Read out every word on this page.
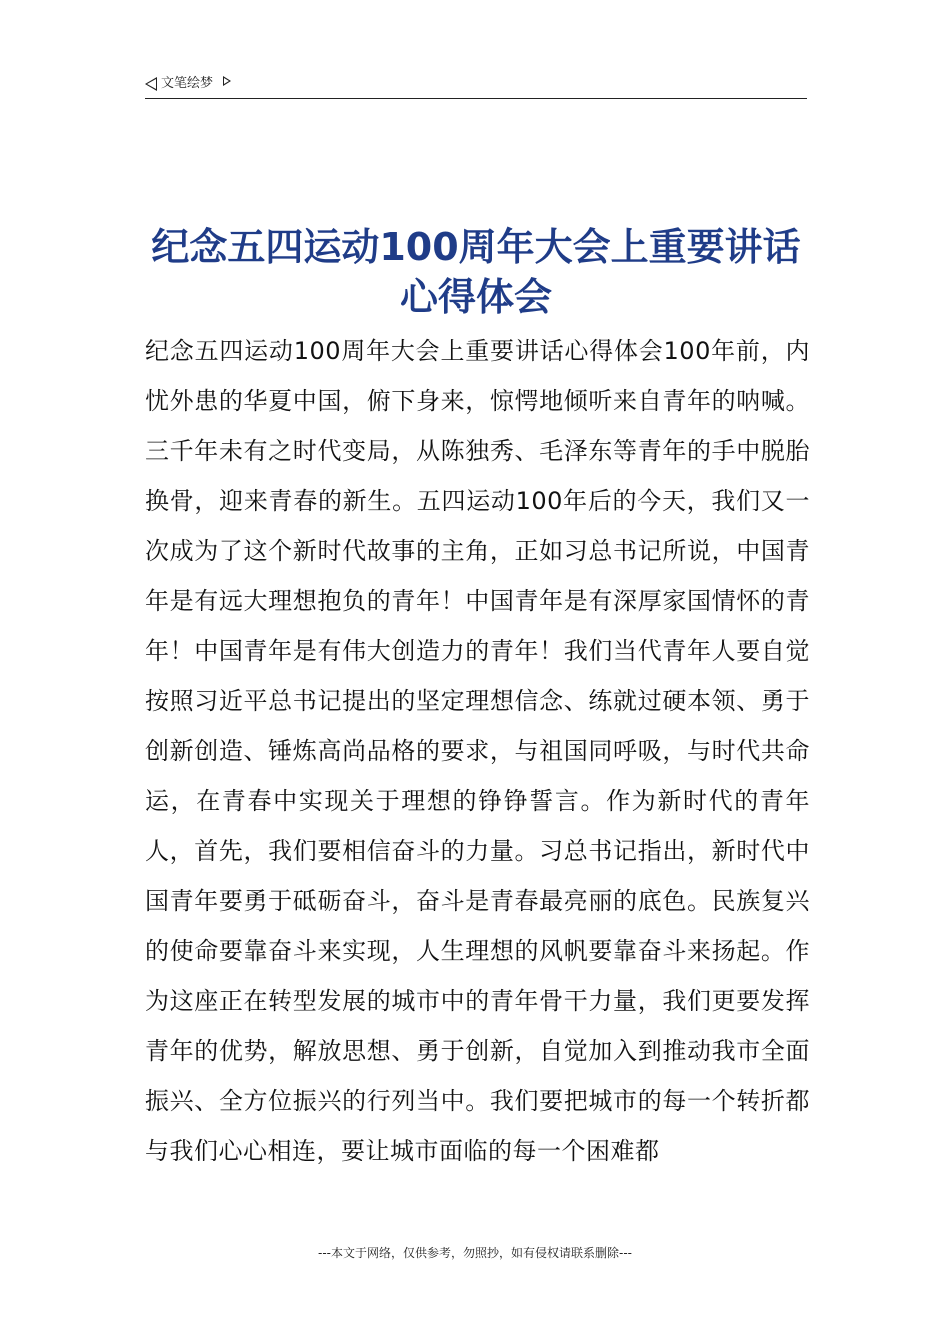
文笔绘梦
纪念五四运动100周年大会上重要讲话心得体会

纪念五四运动100周年大会上重要讲话心得体会100年前，内忧外患的华夏中国，俯下身来，惊愕地倾听来自青年的呐喊。三千年未有之时代变局，从陈独秀、毛泽东等青年的手中脱胎换骨，迎来青春的新生。五四运动100年后的今天，我们又一次成为了这个新时代故事的主角，正如习总书记所说，中国青年是有远大理想抱负的青年！中国青年是有深厚家国情怀的青年！中国青年是有伟大创造力的青年！我们当代青年人要自觉按照习近平总书记提出的坚定理想信念、练就过硬本领、勇于创新创造、锤炼高尚品格的要求，与祖国同呼吸，与时代共命运，在青春中实现关于理想的铮铮誓言。作为新时代的青年人，首先，我们要相信奋斗的力量。习总书记指出，新时代中国青年要勇于砥砺奋斗，奋斗是青春最亮丽的底色。民族复兴的使命要靠奋斗来实现，人生理想的风帆要靠奋斗来扬起。作为这座正在转型发展的城市中的青年骨干力量，我们更要发挥青年的优势，解放思想、勇于创新，自觉加入到推动我市全面振兴、全方位振兴的行列当中。我们要把城市的每一个转折都与我们心心相连，要让城市面临的每一个困难都

---本文于网络，仅供参考，勿照抄，如有侵权请联系删除---
